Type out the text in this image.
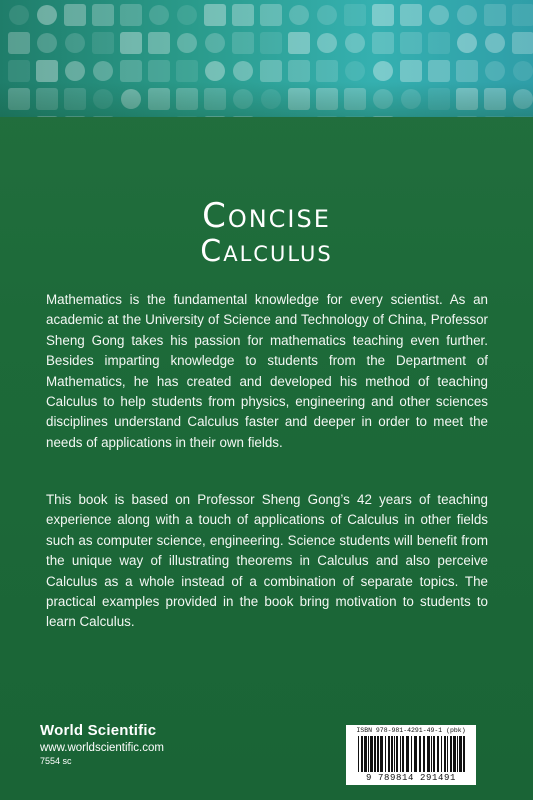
Concise
Calculus
Mathematics is the fundamental knowledge for every scientist. As an academic at the University of Science and Technology of China, Professor Sheng Gong takes his passion for mathematics teaching even further. Besides imparting knowledge to students from the Department of Mathematics, he has created and developed his method of teaching Calculus to help students from physics, engineering and other sciences disciplines understand Calculus faster and deeper in order to meet the needs of applications in their own fields.
This book is based on Professor Sheng Gong’s 42 years of teaching experience along with a touch of applications of Calculus in other fields such as computer science, engineering. Science students will benefit from the unique way of illustrating theorems in Calculus and also perceive Calculus as a whole instead of a combination of separate topics. The practical examples provided in the book bring motivation to students to learn Calculus.
World Scientific
www.worldscientific.com
7554 sc
ISBN 978-981-4291-49-1 (pbk)
9 789814 291491
